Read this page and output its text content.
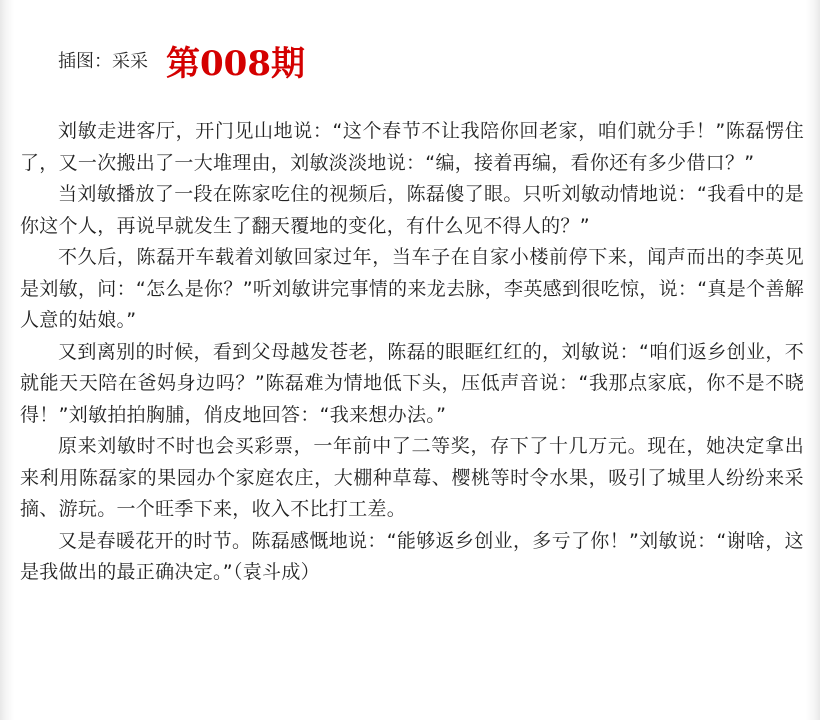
插图：采采 第008期

刘敏走进客厅，开门见山地说：“这个春节不让我陪你回老家，咱们就分手！”陈磊愣住了，又一次搬出了一大堆理由，刘敏淡淡地说：“编，接着再编，看你还有多少借口？”

当刘敏播放了一段在陈家吃住的视频后，陈磊傻了眼。只听刘敏动情地说：“我看中的是你这个人，再说早就发生了翻天覆地的变化，有什么见不得人的？”

不久后，陈磊开车载着刘敏回家过年，当车子在自家小楼前停下来，闻声而出的李英见是刘敏，问：“怎么是你？”听刘敏讲完事情的来龙去脉，李英感到很吃惊，说：“真是个善解人意的姑娘。”

又到离别的时候，看到父母越发苍老，陈磊的眼眶红红的，刘敏说：“咱们返乡创业，不就能天天陪在爸妈身边吗？”陈磊难为情地低下头，压低声音说：“我那点家底，你不是不晓得！”刘敏拍拍胸脯，俏皮地回答：“我来想办法。”

原来刘敏时不时也会买彩票，一年前中了二等奖，存下了十几万元。现在，她决定拿出来利用陈磊家的果园办个家庭农庄，大棚种草莓、樱桃等时令水果，吸引了城里人纷纷来采摘、游玩。一个旺季下来，收入不比打工差。

又是春暖花开的时节。陈磊感慨地说：“能够返乡创业，多亏了你！”刘敏说：“谢啥，这是我做出的最正确决定。”（袁斗成）
